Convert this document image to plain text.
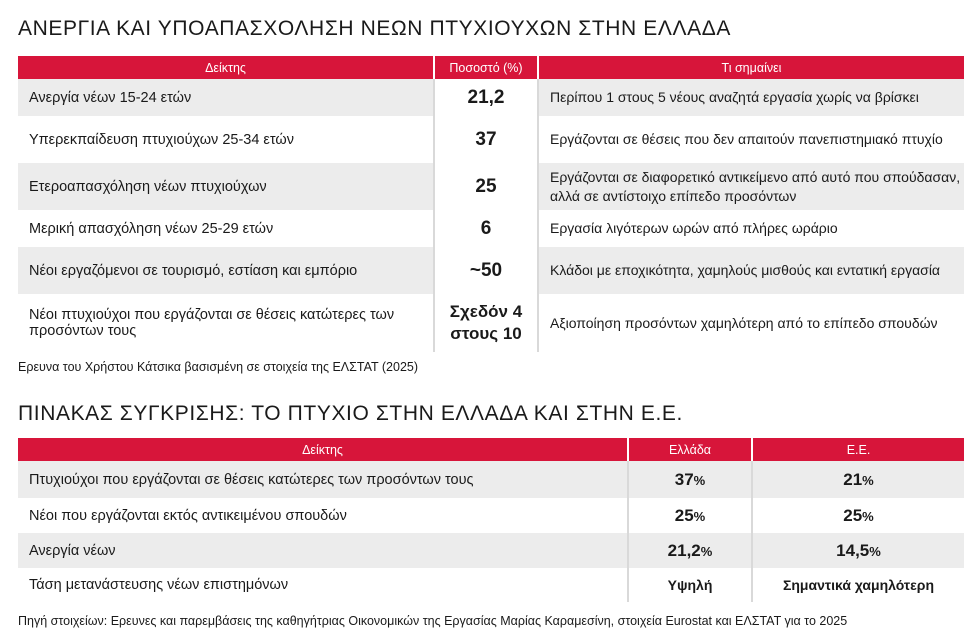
ΑΝΕΡΓΙΑ ΚΑΙ ΥΠΟΑΠΑΣΧΟΛΗΣΗ ΝΕΩΝ ΠΤΥΧΙΟΥΧΩΝ ΣΤΗΝ ΕΛΛΑΔΑ
Δείκτης	Ποσοστό (%)	Τι σημαίνει
Ανεργία νέων 15-24 ετών	21,2	Περίπου 1 στους 5 νέους αναζητά εργασία χωρίς να βρίσκει
Υπερεκπαίδευση πτυχιούχων 25-34 ετών	37	Εργάζονται σε θέσεις που δεν απαιτούν πανεπιστημιακό πτυχίο
Ετεροαπασχόληση νέων πτυχιούχων	25	Εργάζονται σε διαφορετικό αντικείμενο από αυτό που σπούδασαν, αλλά σε αντίστοιχο επίπεδο προσόντων
Μερική απασχόληση νέων 25-29 ετών	6	Εργασία λιγότερων ωρών από πλήρες ωράριο
Νέοι εργαζόμενοι σε τουρισμό, εστίαση και εμπόριο	~50	Κλάδοι με εποχικότητα, χαμηλούς μισθούς και εντατική εργασία
Νέοι πτυχιούχοι που εργάζονται σε θέσεις κατώτερες των προσόντων τους	Σχεδόν 4 στους 10	Αξιοποίηση προσόντων χαμηλότερη από το επίπεδο σπουδών
Ερευνα του Χρήστου Κάτσικα βασισμένη σε στοιχεία της ΕΛΣΤΑΤ (2025)
ΠΙΝΑΚΑΣ ΣΥΓΚΡΙΣΗΣ: ΤΟ ΠΤΥΧΙΟ ΣΤΗΝ ΕΛΛΑΔΑ ΚΑΙ ΣΤΗΝ Ε.Ε.
Δείκτης	Ελλάδα	Ε.Ε.
Πτυχιούχοι που εργάζονται σε θέσεις κατώτερες των προσόντων τους	37%	21%
Νέοι που εργάζονται εκτός αντικειμένου σπουδών	25%	25%
Ανεργία νέων	21,2%	14,5%
Τάση μετανάστευσης νέων επιστημόνων	Υψηλή	Σημαντικά χαμηλότερη
Πηγή στοιχείων: Ερευνες και παρεμβάσεις της καθηγήτριας Οικονομικών της Εργασίας Μαρίας Καραμεσίνη, στοιχεία Eurostat και ΕΛΣΤΑΤ για το 2025
